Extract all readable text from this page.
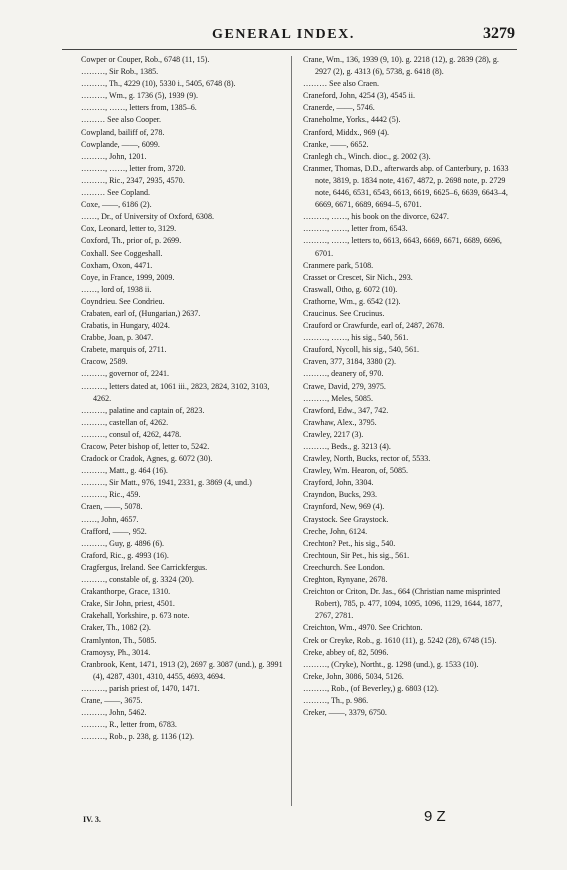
GENERAL INDEX.	3279
Cowper or Couper, Rob., 6748 (11, 15).
………, Sir Rob., 1385.
………, Th., 4229 (10), 5330 i., 5405, 6748 (8).
………, Wm., g. 1736 (5), 1939 (9).
………, ……, letters from, 1385–6.
……… See also Cooper.
Cowpland, bailiff of, 278.
Cowplande, ——, 6099.
………, John, 1201.
………, ……, letter from, 3720.
………, Ric., 2347, 2935, 4570.
……… See Copland.
Coxe, ——, 6186 (2).
……, Dr., of University of Oxford, 6308.
Cox, Leonard, letter to, 3129.
Coxford, Th., prior of, p. 2699.
Coxhall. See Coggeshall.
Coxham, Oxon, 4471.
Coye, in France, 1999, 2009.
……, lord of, 1938 ii.
Coyndrieu. See Condrieu.
Crabaten, earl of, (Hungarian,) 2637.
Crabatis, in Hungary, 4024.
Crabbe, Joan, p. 3047.
Crabete, marquis of, 2711.
Cracow, 2589.
………, governor of, 2241.
………, letters dated at, 1061 iii., 2823, 2824, 3102, 3103, 4262.
………, palatine and captain of, 2823.
………, castellan of, 4262.
………, consul of, 4262, 4478.
Cracow, Peter bishop of, letter to, 5242.
Cradock or Cradok, Agnes, g. 6072 (30).
………, Matt., g. 464 (16).
………, Sir Matt., 976, 1941, 2331, g. 3869 (4, und.)
………, Ric., 459.
Craen, ——, 5078.
……, John, 4657.
Crafford, ——, 952.
………, Guy, g. 4896 (6).
Craford, Ric., g. 4993 (16).
Cragfergus, Ireland. See Carrickfergus.
………, constable of, g. 3324 (20).
Crakanthorpe, Grace, 1310.
Crake, Sir John, priest, 4501.
Crakehall, Yorkshire, p. 673 note.
Craker, Th., 1082 (2).
Cramlynton, Th., 5085.
Cramoysy, Ph., 3014.
Cranbrook, Kent, 1471, 1913 (2), 2697 g. 3087 (und.), g. 3991 (4), 4287, 4301, 4310, 4455, 4693, 4694.
………, parish priest of, 1470, 1471.
Crane, ——, 3675.
………, John, 5462.
………, R., letter from, 6783.
………, Rob., p. 238, g. 1136 (12).
Crane, Wm., 136, 1939 (9, 10). g. 2218 (12), g. 2839 (28), g. 2927 (2), g. 4313 (6), 5738, g. 6418 (8).
……… See also Craen.
Craneford, John, 4254 (3), 4545 ii.
Cranerde, ——, 5746.
Craneholme, Yorks., 4442 (5).
Cranford, Middx., 969 (4).
Cranke, ——, 6652.
Cranlegh ch., Winch. dioc., g. 2002 (3).
Cranmer, Thomas, D.D., afterwards abp. of Canterbury, p. 1633 note, 3819, p. 1834 note, 4167, 4872, p. 2698 note, p. 2729 note, 6446, 6531, 6543, 6613, 6619, 6625–6, 6639, 6643–4, 6669, 6671, 6689, 6694–5, 6701.
………, ……, his book on the divorce, 6247.
………, ……, letter from, 6543.
………, ……, letters to, 6613, 6643, 6669, 6671, 6689, 6696, 6701.
Cranmere park, 5108.
Crasset or Crescet, Sir Nich., 293.
Craswall, Otho, g. 6072 (10).
Crathorne, Wm., g. 6542 (12).
Craucinus. See Crucinus.
Crauford or Crawfurde, earl of, 2487, 2678.
………, ……, his sig., 540, 561.
Crauford, Nycoll, his sig., 540, 561.
Craven, 377, 3184, 3380 (2).
………, deanery of, 970.
Crawe, David, 279, 3975.
………, Meles, 5085.
Crawford, Edw., 347, 742.
Crawhaw, Alex., 3795.
Crawley, 2217 (3).
………, Beds., g. 3213 (4).
Crawley, North, Bucks, rector of, 5533.
Crawley, Wm. Hearon, of, 5085.
Crayford, John, 3304.
Crayndon, Bucks, 293.
Craynford, New, 969 (4).
Craystock. See Graystock.
Creche, John, 6124.
Crechton? Pet., his sig., 540.
Crechtoun, Sir Pet., his sig., 561.
Creechurch. See London.
Creghton, Rynyane, 2678.
Creichton or Criton, Dr. Jas., 664 (Christian name misprinted Robert), 785, p. 477, 1094, 1095, 1096, 1129, 1644, 1877, 2767, 2781.
Creichton, Wm., 4970. See Crichton.
Crek or Creyke, Rob., g. 1610 (11), g. 5242 (28), 6748 (15).
Creke, abbey of, 82, 5096.
………, (Cryke), Northt., g. 1298 (und.), g. 1533 (10).
Creke, John, 3086, 5034, 5126.
………, Rob., (of Beverley,) g. 6803 (12).
………, Th., p. 986.
Creker, ——, 3379, 6750.
IV. 3.	9 Z
